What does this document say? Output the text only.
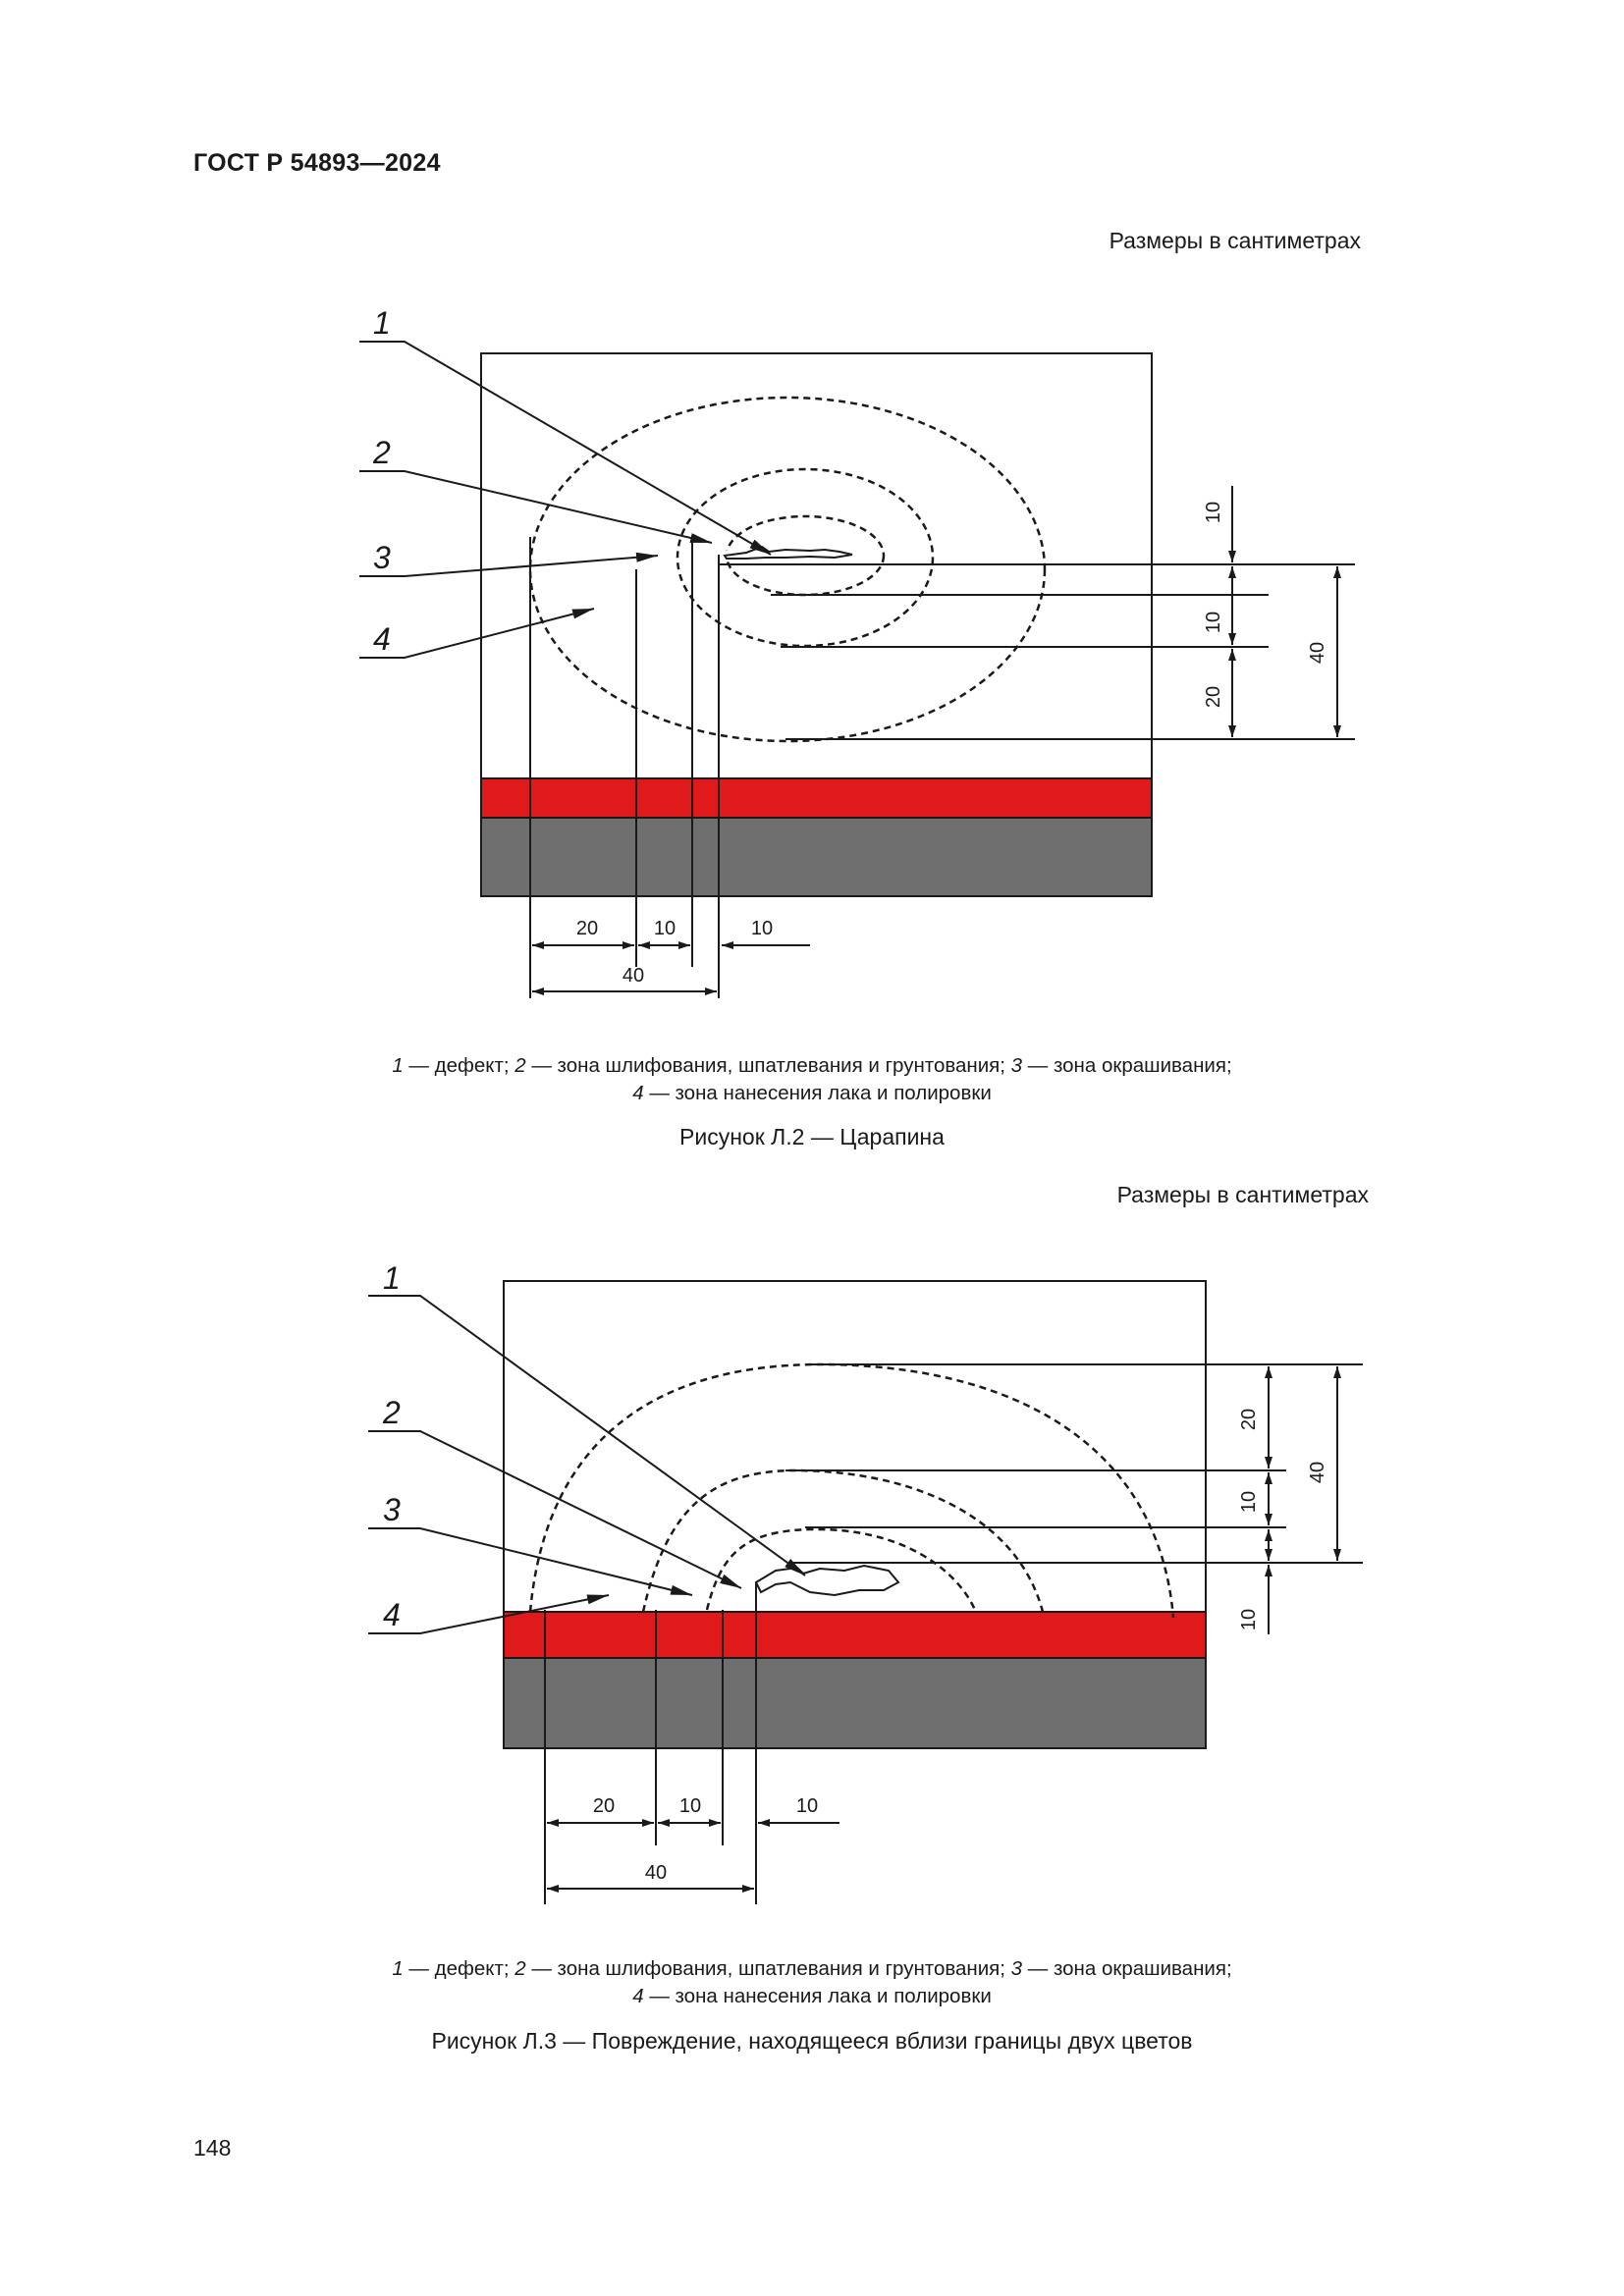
ГОСТ Р 54893—2024
Размеры в сантиметрах
10
10
20
40
20	10	10
40
1
2
3
4
1 — дефект; 2 — зона шлифования, шпатлевания и грунтования; 3 — зона окрашивания;
4 — зона нанесения лака и полировки
Рисунок Л.2 — Царапина
Размеры в сантиметрах
20
10
10
40
20	10	10
40
1
2
3
4
1 — дефект; 2 — зона шлифования, шпатлевания и грунтования; 3 — зона окрашивания;
4 — зона нанесения лака и полировки
Рисунок Л.3 — Повреждение, находящееся вблизи границы двух цветов
148
